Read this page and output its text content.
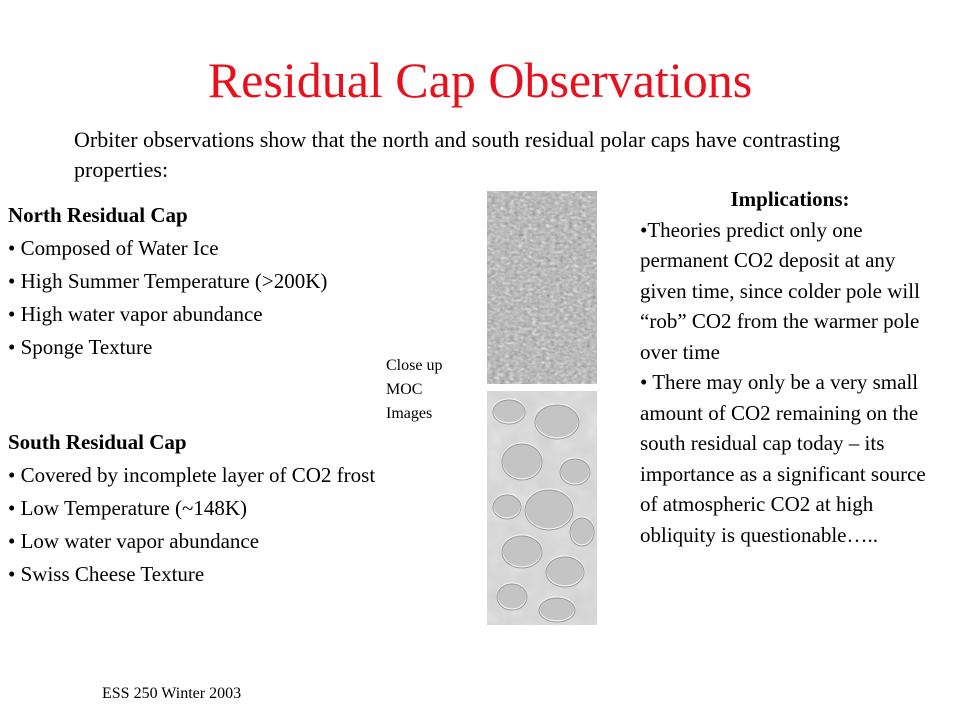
Residual Cap Observations
Orbiter observations show that the north and south residual polar caps have contrasting properties:
North Residual Cap
• Composed of Water Ice
• High Summer Temperature (>200K)
• High water vapor abundance
• Sponge Texture
South Residual Cap
• Covered by incomplete layer of CO2 frost
• Low Temperature (~148K)
• Low water vapor abundance
• Swiss Cheese Texture
Close up
MOC
Images
Implications:

•Theories predict only one permanent CO2 deposit at any given time, since colder pole will “rob” CO2 from the warmer pole over time

• There may only be a very small amount of CO2 remaining on the south residual cap today – its importance as a significant source of atmospheric CO2 at high obliquity is questionable…..

ESS 250 Winter 2003
